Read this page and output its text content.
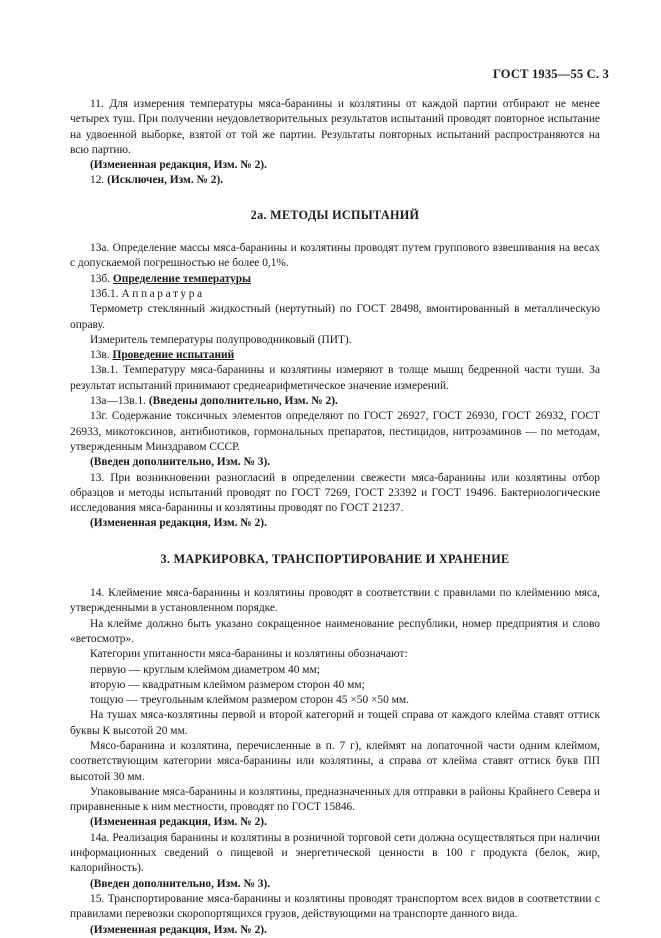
ГОСТ 1935—55 С. 3

11. Для измерения температуры мяса-баранины и козлятины от каждой партии отбирают не менее четырех туш. При получении неудовлетворительных результатов испытаний проводят повторное испытание на удвоенной выборке, взятой от той же партии. Результаты повторных испытаний распространяются на всю партию.

(Измененная редакция, Изм. № 2).

12. (Исключен, Изм. № 2).

2а. МЕТОДЫ ИСПЫТАНИЙ

13а. Определение массы мяса-баранины и козлятины проводят путем группового взвешивания на весах с допускаемой погрешностью не более 0,1%.

13б. Определение температуры

13б.1. Аппаратура

Термометр стеклянный жидкостный (нертутный) по ГОСТ 28498, вмонтированный в металлическую оправу.

Измеритель температуры полупроводниковый (ПИТ).

13в. Проведение испытаний

13в.1. Температуру мяса-баранины и козлятины измеряют в толще мышц бедренной части туши. За результат испытаний принимают среднеарифметическое значение измерений.

13а—13в.1. (Введены дополнительно, Изм. № 2).

13г. Содержание токсичных элементов определяют по ГОСТ 26927, ГОСТ 26930, ГОСТ 26932, ГОСТ 26933, микотоксинов, антибиотиков, гормональных препаратов, пестицидов, нитрозаминов — по методам, утвержденным Минздравом СССР.

(Введен дополнительно, Изм. № 3).

13. При возникновении разногласий в определении свежести мяса-баранины или козлятины отбор образцов и методы испытаний проводят по ГОСТ 7269, ГОСТ 23392 и ГОСТ 19496. Бактериологические исследования мяса-баранины и козлятины проводят по ГОСТ 21237.

(Измененная редакция, Изм. № 2).

3. МАРКИРОВКА, ТРАНСПОРТИРОВАНИЕ И ХРАНЕНИЕ

14. Клеймение мяса-баранины и козлятины проводят в соответствии с правилами по клеймению мяса, утвержденными в установленном порядке.

На клейме должно быть указано сокращенное наименование республики, номер предприятия и слово «ветосмотр».

Категории упитанности мяса-баранины и козлятины обозначают:

первую — круглым клеймом диаметром 40 мм;

вторую — квадратным клеймом размером сторон 40 мм;

тощую — треугольным клеймом размером сторон 45 ×50 ×50 мм.

На тушах мяса-козлятины первой и второй категорий и тощей справа от каждого клейма ставят оттиск буквы К высотой 20 мм.

Мясо-баранина и козлятина, перечисленные в п. 7 г), клеймят на лопаточной части одним клеймом, соответствующим категории мяса-баранины или козлятины, а справа от клейма ставят оттиск букв ПП высотой 30 мм.

Упаковывание мяса-баранины и козлятины, предназначенных для отправки в районы Крайнего Севера и приравненные к ним местности, проводят по ГОСТ 15846.

(Измененная редакция, Изм. № 2).

14а. Реализация баранины и козлятины в розничной торговой сети должна осуществляться при наличии информационных сведений о пищевой и энергетической ценности в 100 г продукта (белок, жир, калорийность).

(Введен дополнительно, Изм. № 3).

15. Транспортирование мяса-баранины и козлятины проводят транспортом всех видов в соответствии с правилами перевозки скоропортящихся грузов, действующими на транспорте данного вида.

(Измененная редакция, Изм. № 2).
